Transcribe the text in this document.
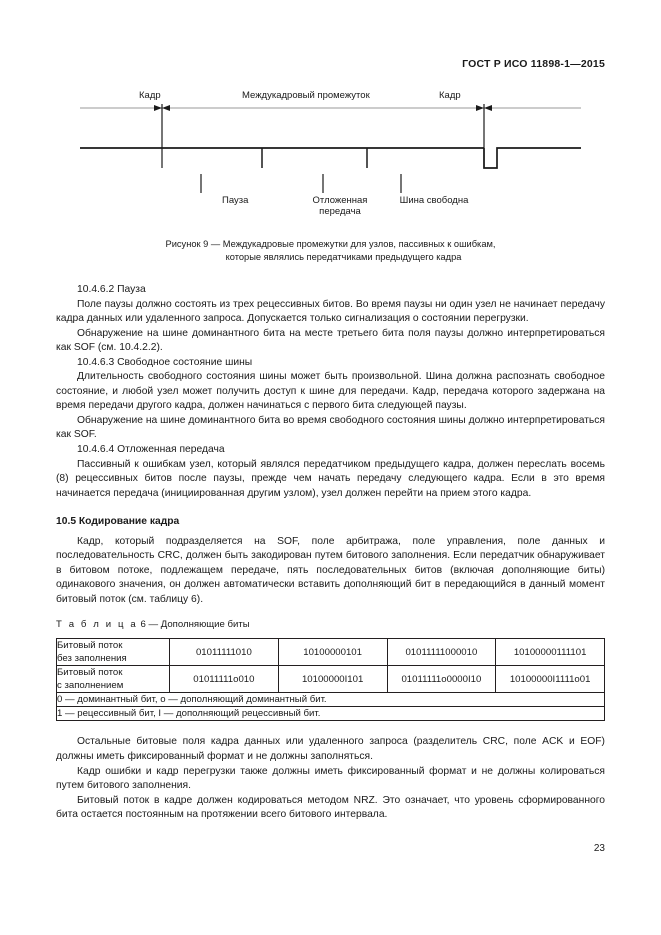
ГОСТ Р ИСО 11898-1—2015
Кадр	Междукадровый промежуток	Кадр
Пауза	Отложенная
передача
Шина свободна
Рисунок 9 — Междукадровые промежутки для узлов, пассивных к ошибкам,
которые являлись передатчиками предыдущего кадра
10.4.6.2 Пауза

Поле паузы должно состоять из трех рецессивных битов. Во время паузы ни один узел не начинает передачу кадра данных или удаленного запроса. Допускается только сигнализация о состоянии перегрузки.

Обнаружение на шине доминантного бита на месте третьего бита поля паузы должно интерпретироваться как SOF (см. 10.4.2.2).

10.4.6.3 Свободное состояние шины

Длительность свободного состояния шины может быть произвольной. Шина должна распознать свободное состояние, и любой узел может получить доступ к шине для передачи. Кадр, передача которого задержана на время передачи другого кадра, должен начинаться с первого бита следующей паузы.

Обнаружение на шине доминантного бита во время свободного состояния шины должно интерпретироваться как SOF.

10.4.6.4 Отложенная передача

Пассивный к ошибкам узел, который являлся передатчиком предыдущего кадра, должен переслать восемь (8) рецессивных битов после паузы, прежде чем начать передачу следующего кадра. Если в это время начинается передача (инициированная другим узлом), узел должен перейти на прием этого кадра.

10.5 Кодирование кадра

Кадр, который подразделяется на SOF, поле арбитража, поле управления, поле данных и последовательность CRC, должен быть закодирован путем битового заполнения. Если передатчик обнаруживает в битовом потоке, подлежащем передаче, пять последовательных битов (включая дополняющие биты) одинакового значения, он должен автоматически вставить дополняющий бит в передающийся в данный момент битовый поток (см. таблицу 6).

Т а б л и ц а 6 — Дополняющие биты

Битовый поток
без заполнения	01011111010	10100000101	01011111000010	10100000111101
Битовый поток
с заполнением	01011111o010	10100000I101	01011111o0000I10	10100000I1111o01
0 — доминантный бит, o — дополняющий доминантный бит.				
1 — рецессивный бит, I — дополняющий рецессивный бит.				

Остальные битовые поля кадра данных или удаленного запроса (разделитель CRC, поле ACK и EOF) должны иметь фиксированный формат и не должны заполняться.

Кадр ошибки и кадр перегрузки также должны иметь фиксированный формат и не должны колироваться путем битового заполнения.

Битовый поток в кадре должен кодироваться методом NRZ. Это означает, что уровень сформированного бита остается постоянным на протяжении всего битового интервала.

23
